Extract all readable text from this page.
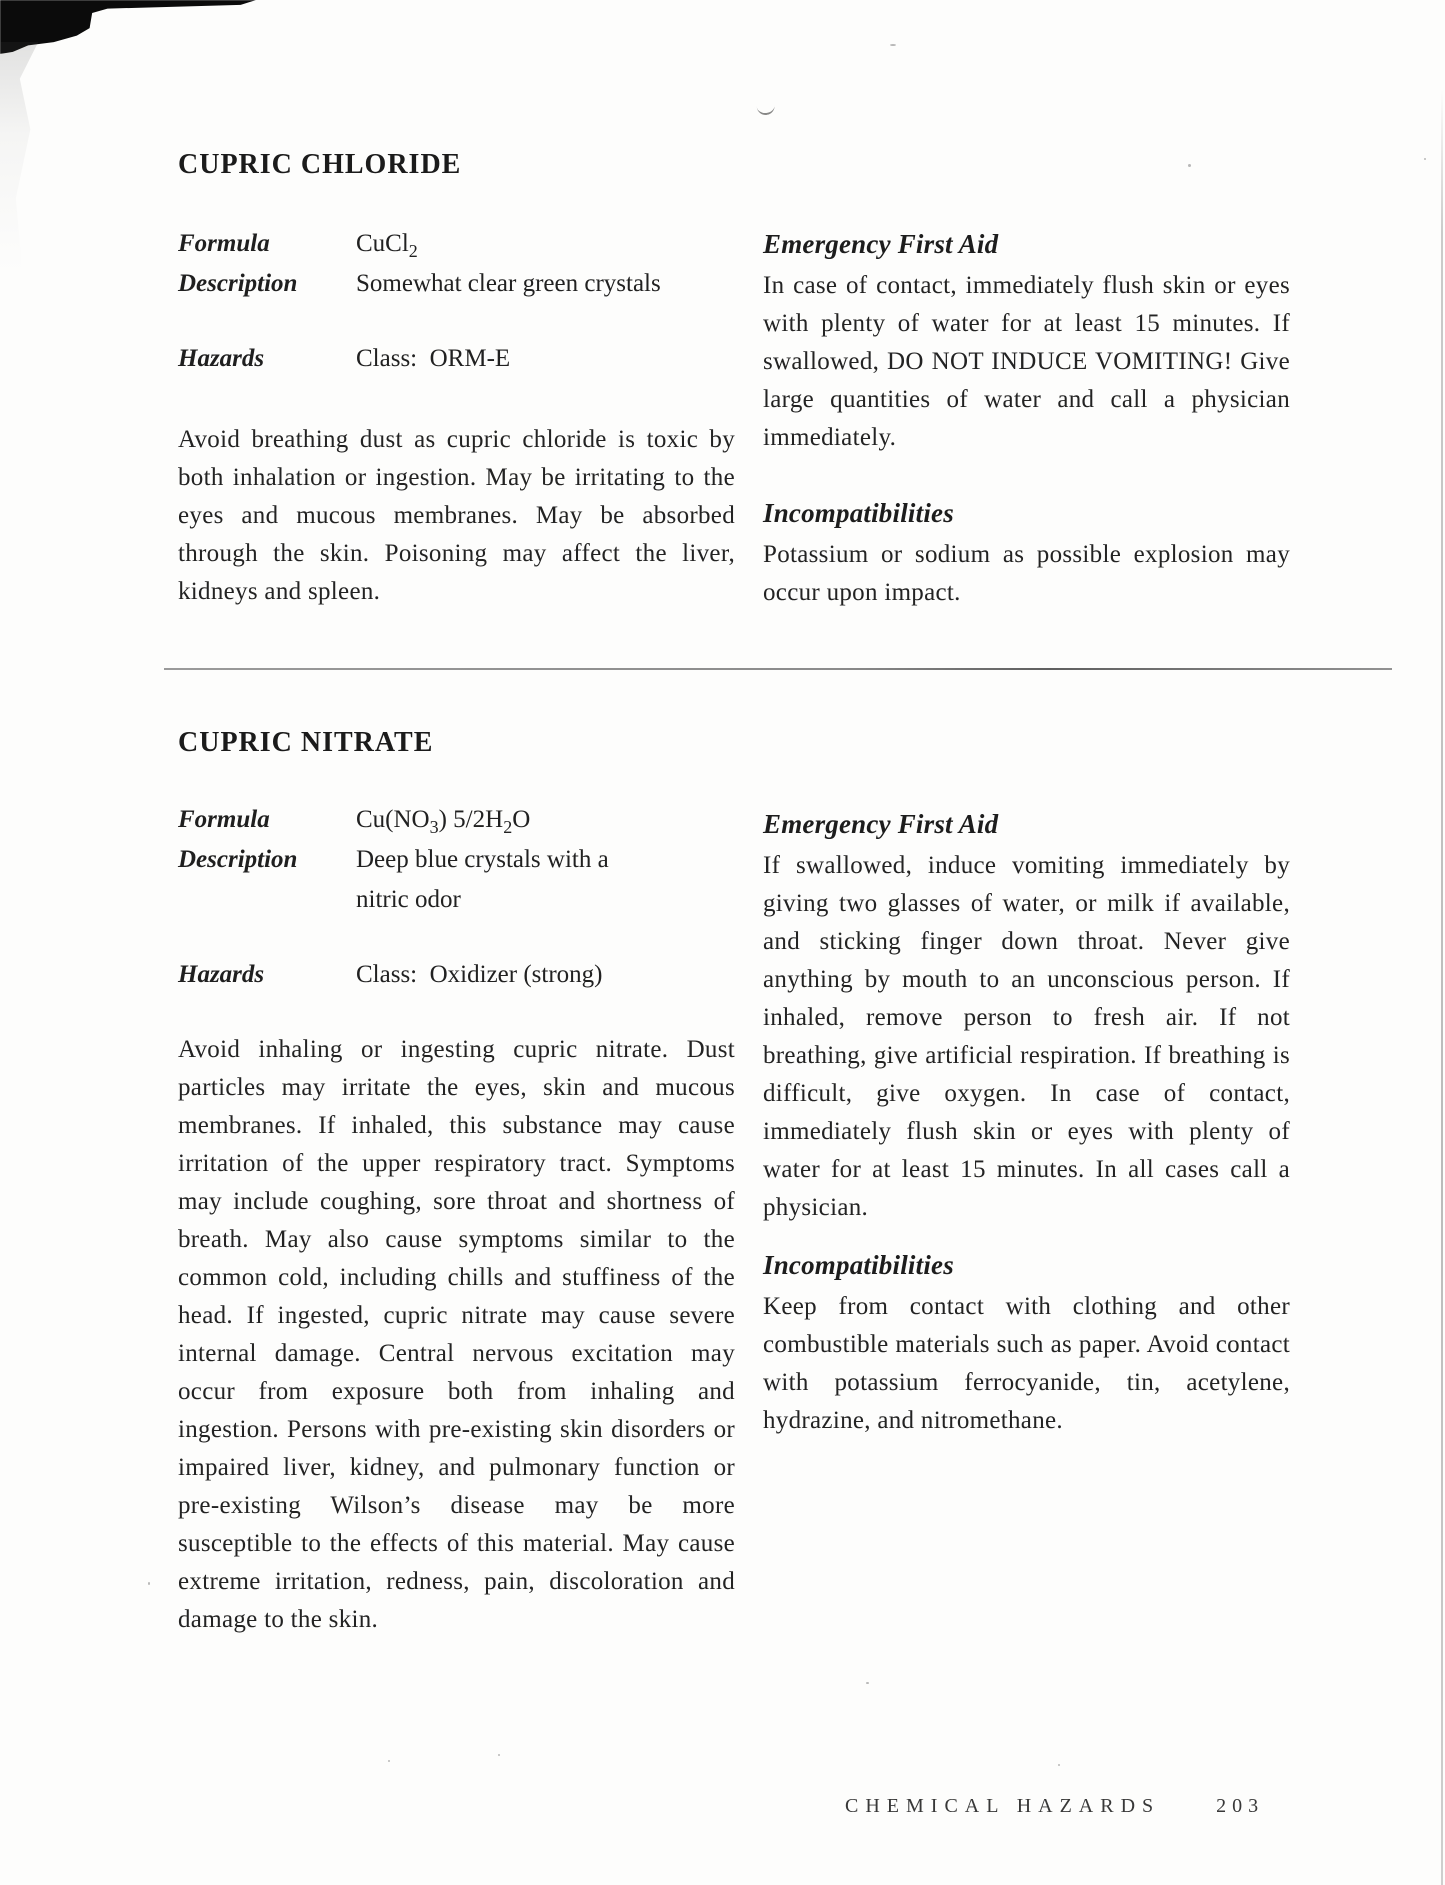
CUPRIC CHLORIDE
Formula	CuCl$_2$
Description	Somewhat clear green crystals
Hazards	Class:  ORM-E

Avoid breathing dust as cupric chloride is toxic by both inhalation or ingestion. May be irritating to the eyes and mucous membranes. May be absorbed through the skin. Poisoning may affect the liver, kidneys and spleen.

Emergency First Aid

In case of contact, immediately flush skin or eyes with plenty of water for at least 15 minutes. If swallowed, DO NOT INDUCE VOMITING! Give large quantities of water and call a physician immediately.

Incompatibilities

Potassium or sodium as possible explosion may occur upon impact.

CUPRIC NITRATE
Formula	$Cu(NO_3)$ $5/2H_2O$
Description	Deep blue crystals with a
nitric odor
Hazards	Class:  Oxidizer (strong)

Avoid inhaling or ingesting cupric nitrate. Dust particles may irritate the eyes, skin and mucous membranes. If inhaled, this substance may cause irritation of the upper respiratory tract. Symptoms may include coughing, sore throat and shortness of breath. May also cause symptoms similar to the common cold, including chills and stuffiness of the head. If ingested, cupric nitrate may cause severe internal damage. Central nervous excitation may occur from exposure both from inhaling and ingestion. Persons with pre-existing skin disorders or impaired liver, kidney, and pulmonary function or pre-existing Wilson’s disease may be more susceptible to the effects of this material. May cause extreme irritation, redness, pain, discoloration and damage to the skin.

Emergency First Aid

If swallowed, induce vomiting immediately by giving two glasses of water, or milk if available, and sticking finger down throat. Never give anything by mouth to an unconscious person. If inhaled, remove person to fresh air. If not breathing, give artificial respiration. If breathing is difficult, give oxygen. In case of contact, immediately flush skin or eyes with plenty of water for at least 15 minutes. In all cases call a physician.

Incompatibilities

Keep from contact with clothing and other combustible materials such as paper. Avoid contact with potassium ferrocyanide, tin, acetylene, hydrazine, and nitromethane.

CHEMICAL HAZARDS	203
